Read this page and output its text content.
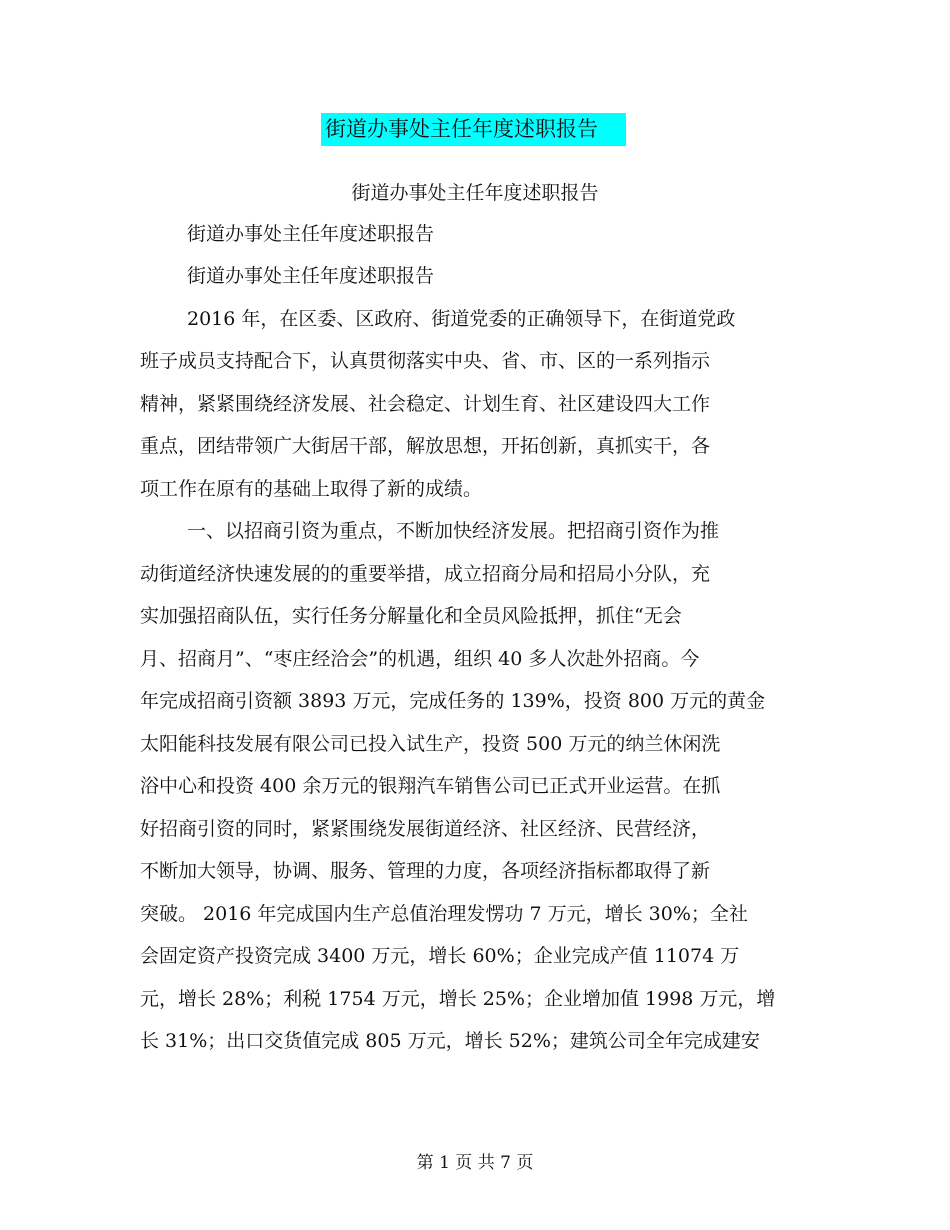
街道办事处主任年度述职报告
街道办事处主任年度述职报告
街道办事处主任年度述职报告
街道办事处主任年度述职报告
2016 年，在区委、区政府、街道党委的正确领导下，在街道党政
班子成员支持配合下，认真贯彻落实中央、省、市、区的一系列指示
精神，紧紧围绕经济发展、社会稳定、计划生育、社区建设四大工作
重点，团结带领广大街居干部，解放思想，开拓创新，真抓实干，各
项工作在原有的基础上取得了新的成绩。
一、以招商引资为重点，不断加快经济发展。把招商引资作为推
动街道经济快速发展的的重要举措，成立招商分局和招局小分队，充
实加强招商队伍，实行任务分解量化和全员风险抵押，抓住“无会
月、招商月”、“枣庄经洽会”的机遇，组织 40 多人次赴外招商。今
年完成招商引资额 3893 万元，完成任务的 139%，投资 800 万元的黄金
太阳能科技发展有限公司已投入试生产，投资 500 万元的纳兰休闲洗
浴中心和投资 400 余万元的银翔汽车销售公司已正式开业运营。在抓
好招商引资的同时，紧紧围绕发展街道经济、社区经济、民营经济，
不断加大领导，协调、服务、管理的力度，各项经济指标都取得了新
突破。 2016 年完成国内生产总值治理发愣功 7 万元，增长 30%；全社
会固定资产投资完成 3400 万元，增长 60%；企业完成产值 11074 万
元，增长 28%；利税 1754 万元，增长 25%；企业增加值 1998 万元，增
长 31%；出口交货值完成 805 万元，增长 52%；建筑公司全年完成建安
第 1 页 共 7 页
